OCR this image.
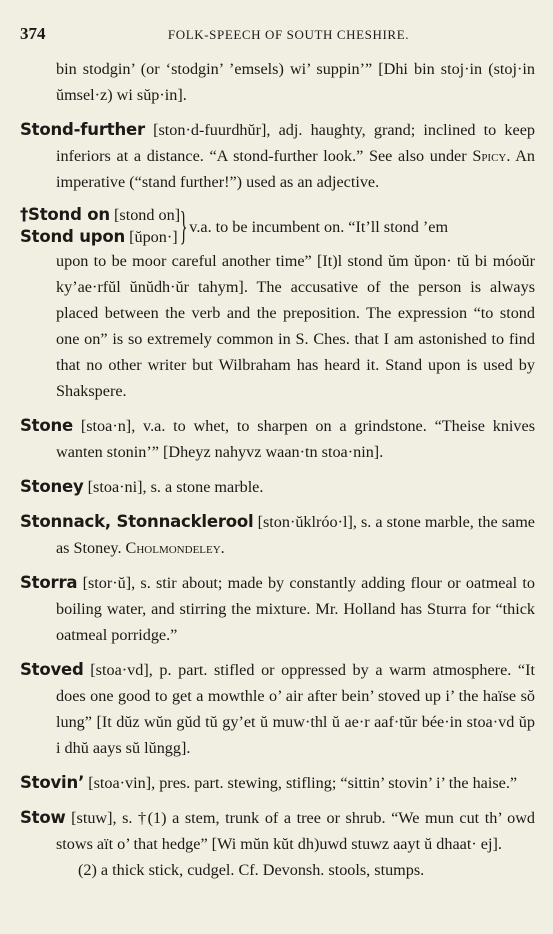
374	FOLK-SPEECH OF SOUTH CHESHIRE.

bin stodgin’ (or ‘stodgin’ ’emsels) wi’ suppin’” [Dhi bin stoj·in (stoj·in ŭmsel·z) wi sŭp·in].

Stond-further [ston·d-fuurdhŭr], adj. haughty, grand; inclined to keep inferiors at a distance. “A stond-further look.” See also under Spicy. An imperative (“stand further!”) used as an adjective.

†Stond on [stond on]
Stond upon [ŭpon·] } v.a. to be incumbent on. “It’ll stond ’em

upon to be moor careful another time” [It)l stond ŭm ŭpon· tŭ bi móoŭr ky’ae·rfŭl ŭnŭdh·ŭr tahym]. The accusative of the person is always placed between the verb and the preposition. The expression “to stond one on” is so extremely common in S. Ches. that I am astonished to find that no other writer but Wilbraham has heard it. Stand upon is used by Shakspere.

Stone [stoa·n], v.a. to whet, to sharpen on a grindstone. “Theise knives wanten stonin’” [Dheyz nahyvz waan·tn stoa·nin].

Stoney [stoa·ni], s. a stone marble.

Stonnack, Stonnacklerool [ston·ŭklróo·l], s. a stone marble, the same as Stoney. Cholmondeley.

Storra [stor·ŭ], s. stir about; made by constantly adding flour or oatmeal to boiling water, and stirring the mixture. Mr. Holland has Sturra for “thick oatmeal porridge.”

Stoved [stoa·vd], p. part. stifled or oppressed by a warm atmosphere. “It does one good to get a mowthle o’ air after bein’ stoved up i’ the haïse sŏ lung” [It dŭz wŭn gŭd tŭ gy’et ŭ muw·thl ŭ ae·r aaf·tŭr bée·in stoa·vd ŭp i dhŭ aays sŭ lŭngg].

Stovin’ [stoa·vin], pres. part. stewing, stifling; “sittin’ stovin’ i’ the haise.”

Stow [stuw], s. †(1) a stem, trunk of a tree or shrub. “We mun cut th’ owd stows aït o’ that hedge” [Wi mŭn kŭt dh)uwd stuwz aayt ŭ dhaat· ej].

(2) a thick stick, cudgel. Cf. Devonsh. stools, stumps.
